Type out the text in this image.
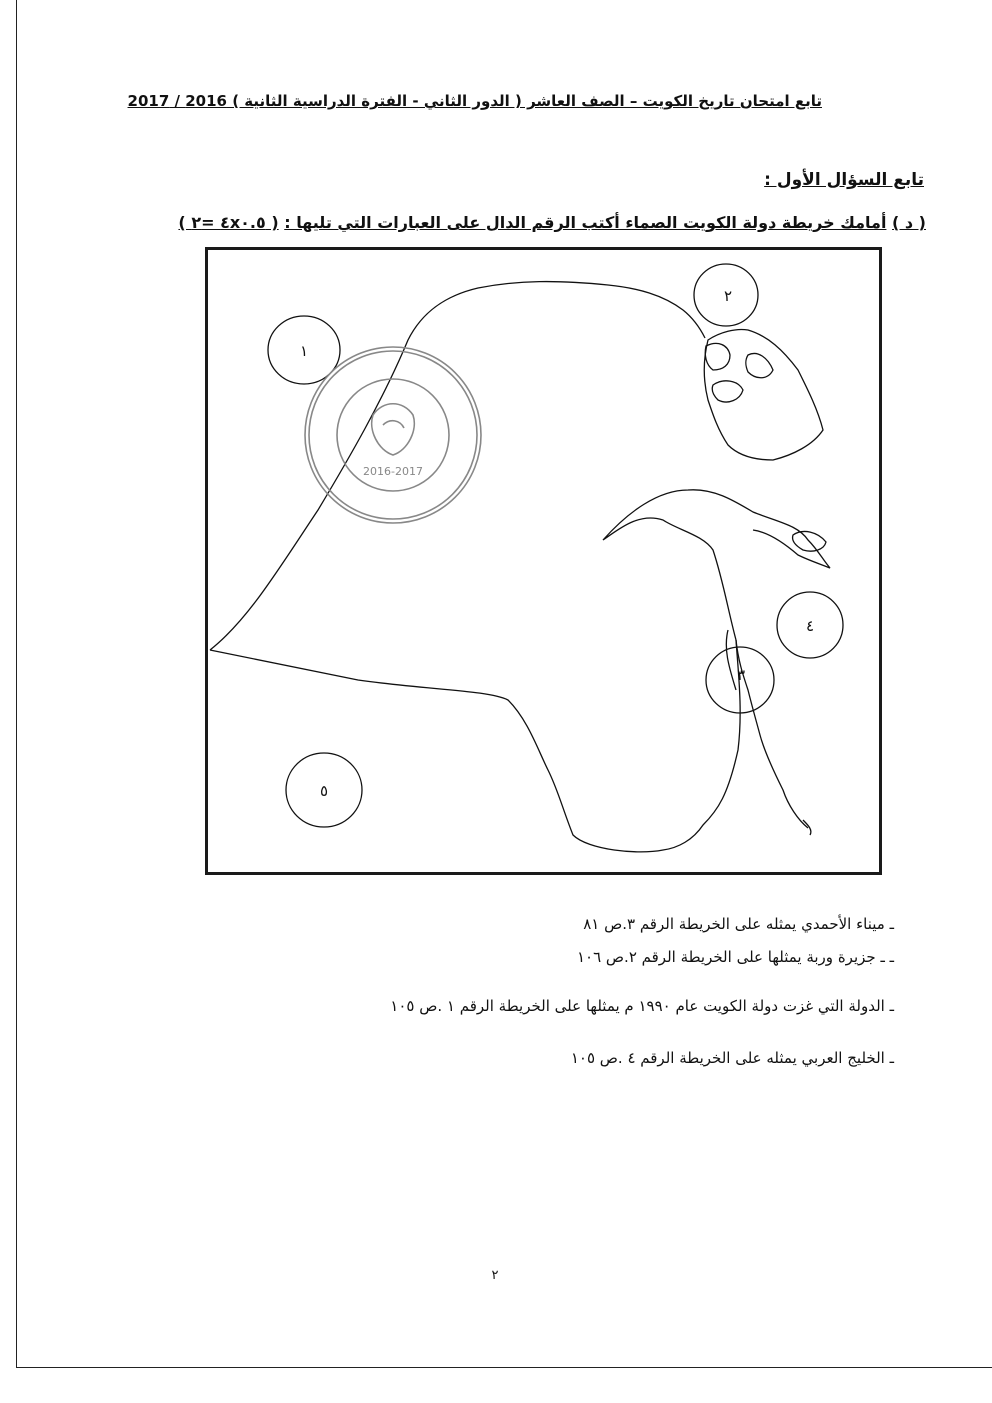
تابع امتحان تاريخ الكويت – الصف العاشر ( الدور الثاني - الفترة الدراسية الثانية ) 2016 / 2017
تابع السؤال الأول :
( د ) أمامك خريطة دولة الكويت الصماء أكتب الرقم الدال على العبارات التي تليها : ( ٤x٠.٥ =٢ )
١
٢
٤
٣
٥
2016-2017
ـ ميناء الأحمدي يمثله على الخريطة الرقم ٣.ص ٨١
ـ ـ جزيرة وربة يمثلها على الخريطة الرقم ٢.ص ١٠٦
ـ الدولة التي غزت دولة الكويت عام ١٩٩٠ م يمثلها على الخريطة الرقم ١ .ص ١٠٥
ـ الخليج العربي يمثله على الخريطة الرقم ٤ .ص ١٠٥
٢
